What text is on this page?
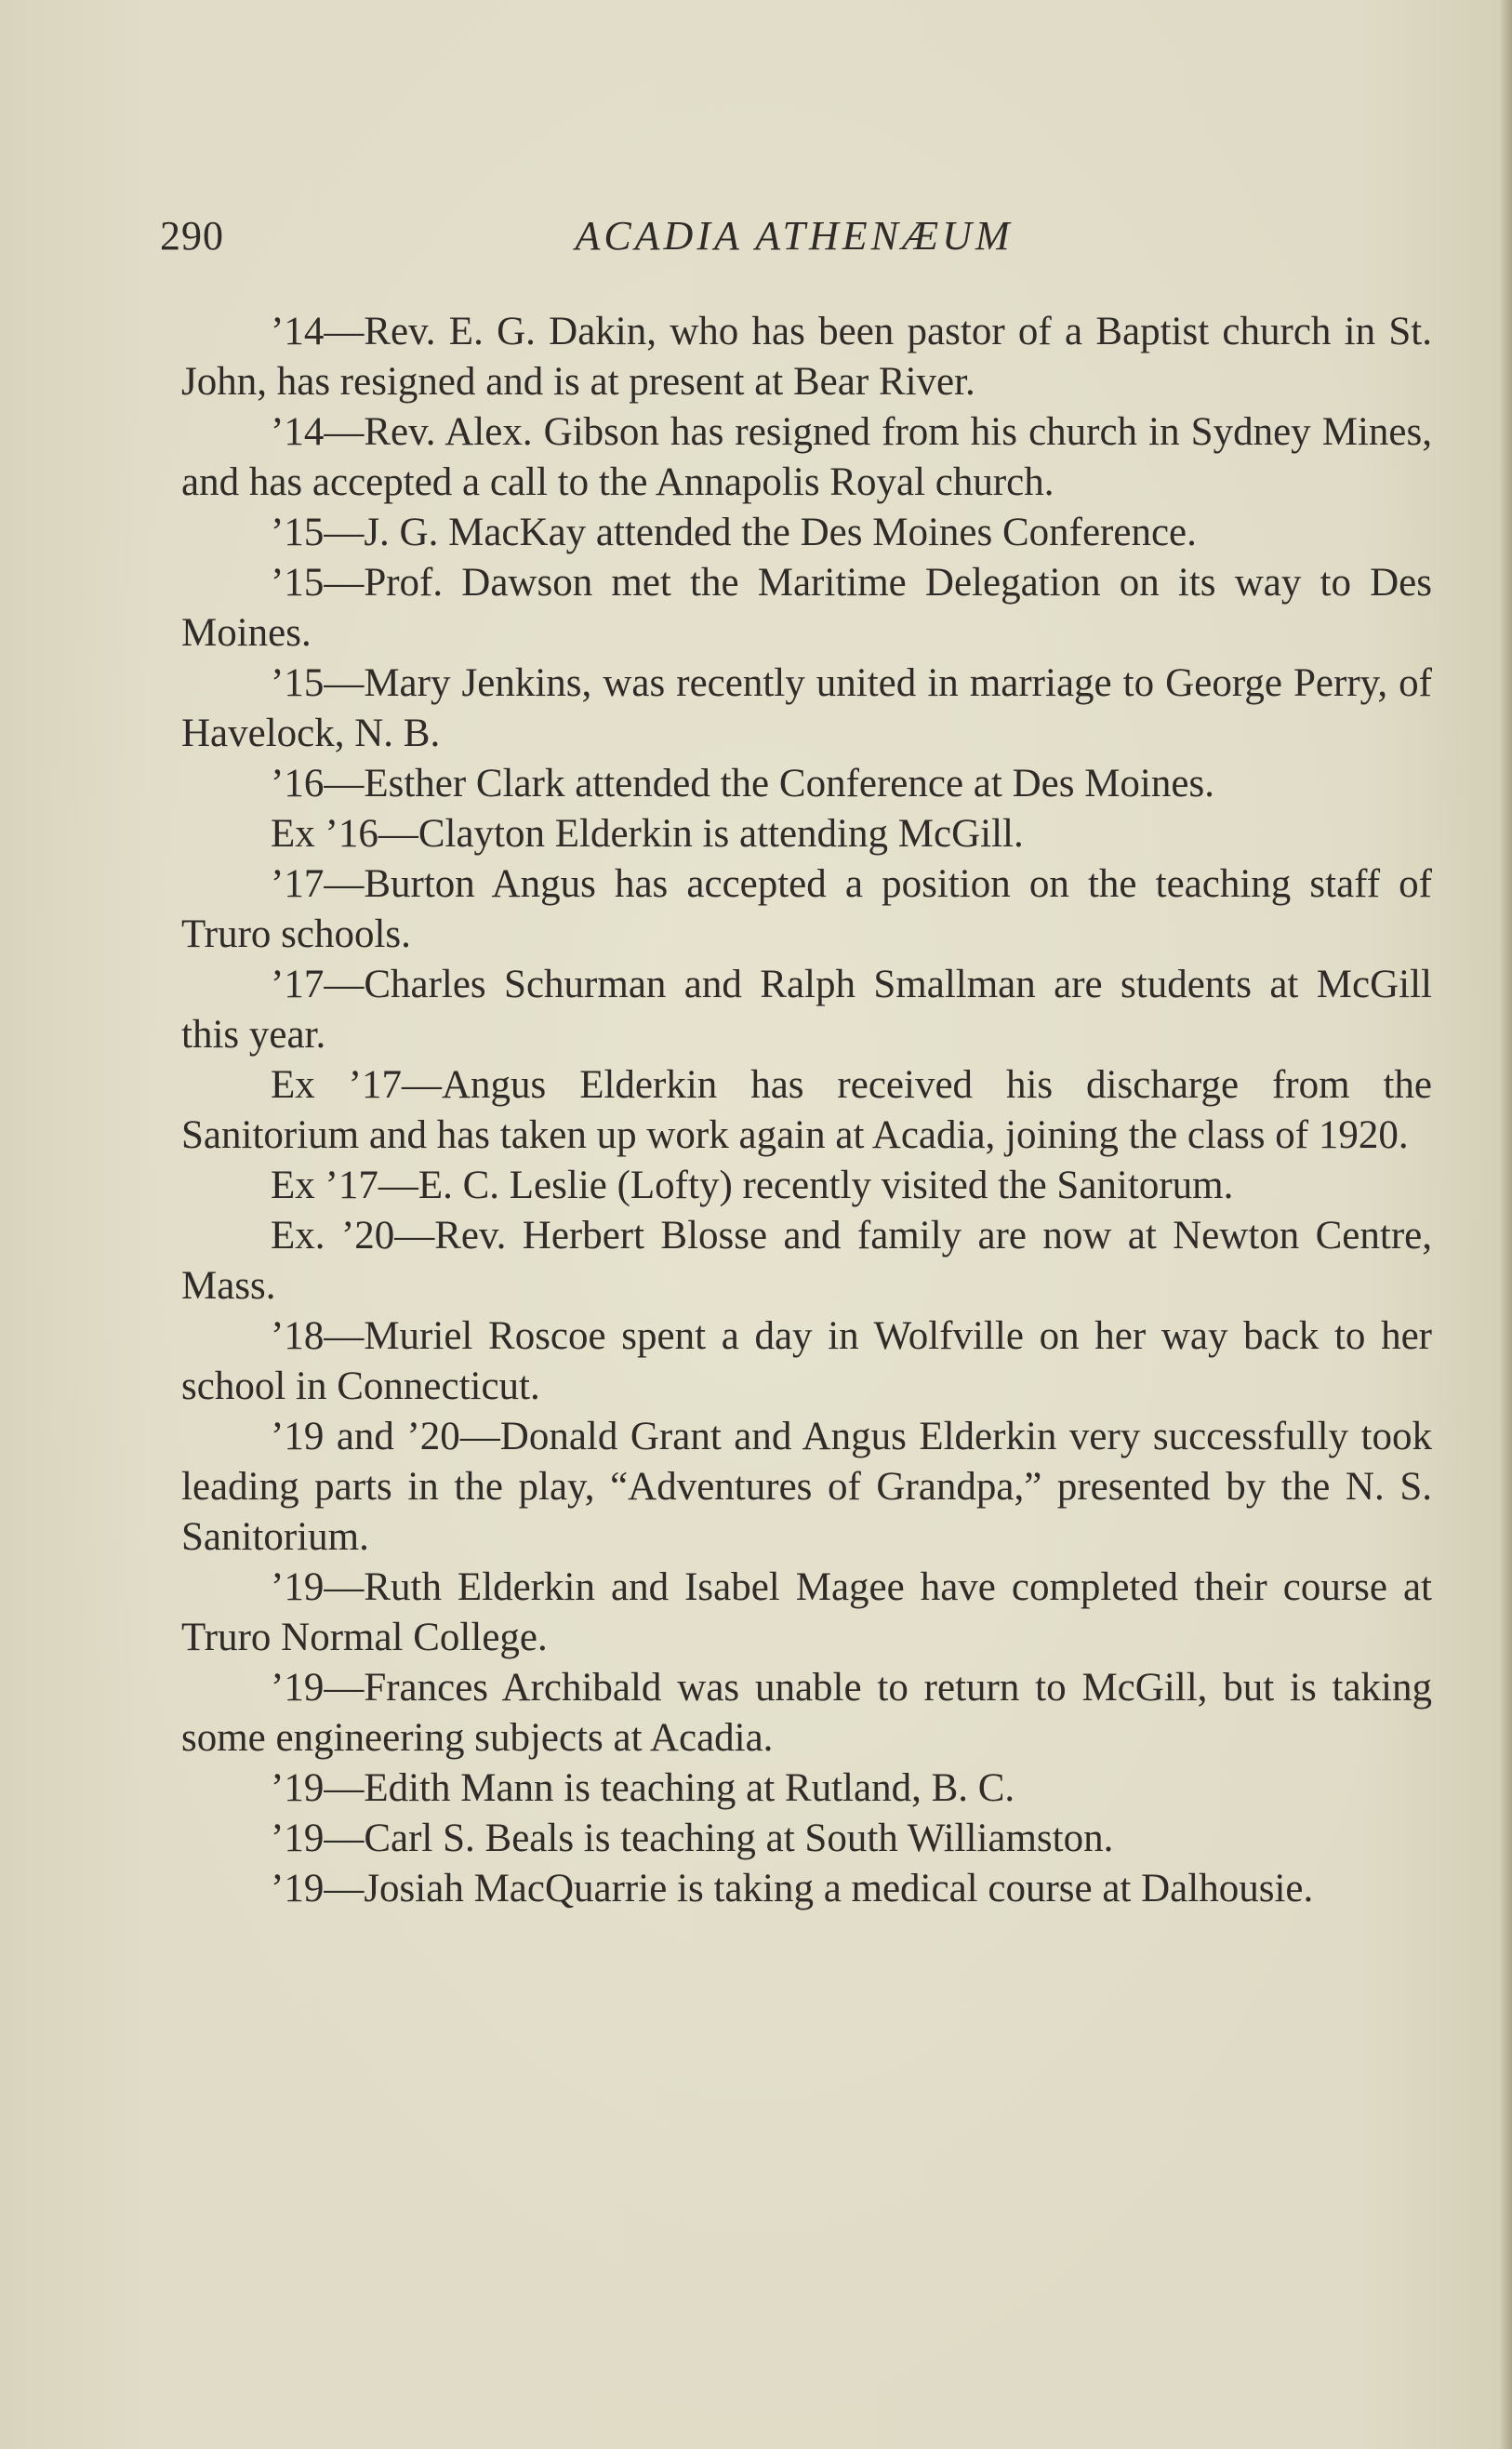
290	ACADIA ATHENÆUM

’14—Rev. E. G. Dakin, who has been pastor of a Baptist church in St. John, has resigned and is at present at Bear River.

’14—Rev. Alex. Gibson has resigned from his church in Sydney Mines, and has accepted a call to the Annapolis Royal church.

’15—J. G. MacKay attended the Des Moines Conference.

’15—Prof. Dawson met the Maritime Delegation on its way to Des Moines.

’15—Mary Jenkins, was recently united in marriage to George Perry, of Havelock, N. B.

’16—Esther Clark attended the Conference at Des Moines.

Ex ’16—Clayton Elderkin is attending McGill.

’17—Burton Angus has accepted a position on the teaching staff of Truro schools.

’17—Charles Schurman and Ralph Smallman are students at McGill this year.

Ex ’17—Angus Elderkin has received his discharge from the Sanitorium and has taken up work again at Acadia, joining the class of 1920.

Ex ’17—E. C. Leslie (Lofty) recently visited the Sanitorum.

Ex. ’20—Rev. Herbert Blosse and family are now at Newton Centre, Mass.

’18—Muriel Roscoe spent a day in Wolfville on her way back to her school in Connecticut.

’19 and ’20—Donald Grant and Angus Elderkin very successfully took leading parts in the play, “Adventures of Grandpa,” presented by the N. S. Sanitorium.

’19—Ruth Elderkin and Isabel Magee have completed their course at Truro Normal College.

’19—Frances Archibald was unable to return to McGill, but is taking some engineering subjects at Acadia.

’19—Edith Mann is teaching at Rutland, B. C.

’19—Carl S. Beals is teaching at South Williamston.

’19—Josiah MacQuarrie is taking a medical course at Dalhousie.
